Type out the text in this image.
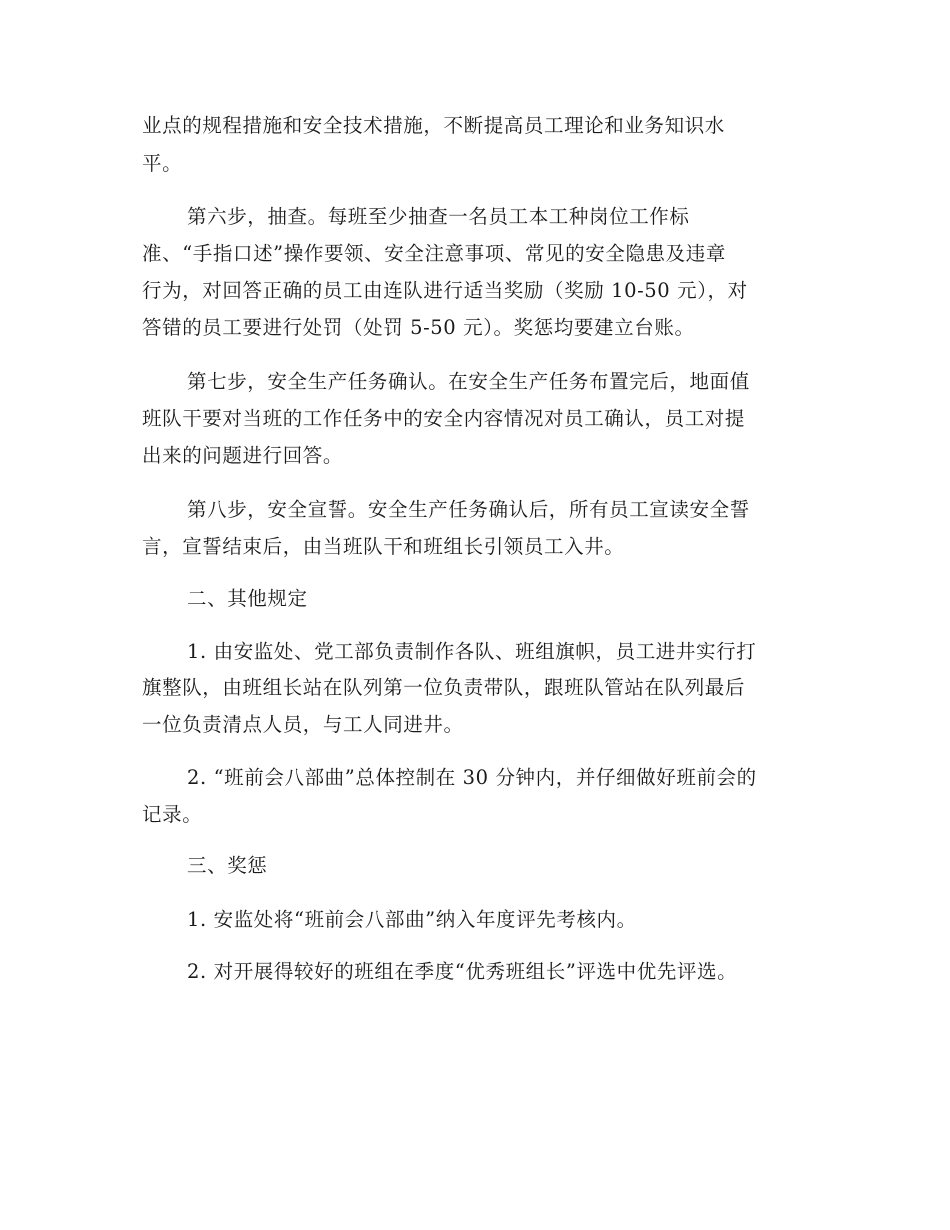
业点的规程措施和安全技术措施，不断提高员工理论和业务知识水
平。
第六步，抽查。每班至少抽查一名员工本工种岗位工作标
准、“手指口述”操作要领、安全注意事项、常见的安全隐患及违章
行为，对回答正确的员工由连队进行适当奖励（奖励 10-50 元），对
答错的员工要进行处罚（处罚 5-50 元）。奖惩均要建立台账。
第七步，安全生产任务确认。在安全生产任务布置完后，地面值
班队干要对当班的工作任务中的安全内容情况对员工确认，员工对提
出来的问题进行回答。
第八步，安全宣誓。安全生产任务确认后，所有员工宣读安全誓
言，宣誓结束后，由当班队干和班组长引领员工入井。
二、其他规定
1. 由安监处、党工部负责制作各队、班组旗帜，员工进井实行打
旗整队，由班组长站在队列第一位负责带队，跟班队管站在队列最后
一位负责清点人员，与工人同进井。
2. “班前会八部曲”总体控制在 30 分钟内，并仔细做好班前会的
记录。
三、奖惩
1. 安监处将“班前会八部曲”纳入年度评先考核内。
2. 对开展得较好的班组在季度“优秀班组长”评选中优先评选。
